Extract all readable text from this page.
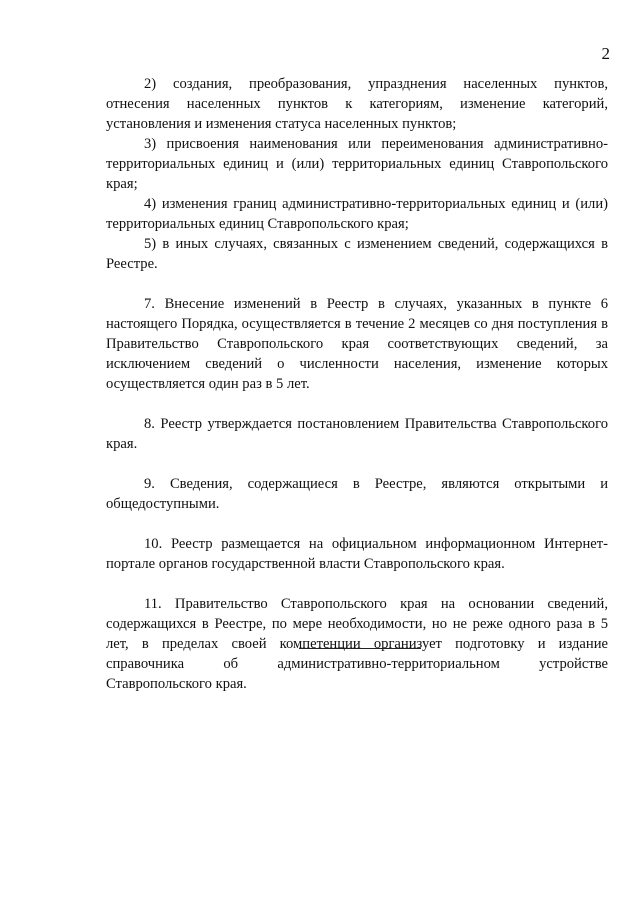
2

2) создания, преобразования, упразднения населенных пунктов, отнесения населенных пунктов к категориям, изменение категорий, установления и изменения статуса населенных пунктов;

3) присвоения наименования или переименования административно-территориальных единиц и (или) территориальных единиц Ставропольского края;

4) изменения границ административно-территориальных единиц и (или) территориальных единиц Ставропольского края;

5) в иных случаях, связанных с изменением сведений, содержащихся в Реестре.

7. Внесение изменений в Реестр в случаях, указанных в пункте 6 настоящего Порядка, осуществляется в течение 2 месяцев со дня поступления в Правительство Ставропольского края соответствующих сведений, за исключением сведений о численности населения, изменение которых осуществляется один раз в 5 лет.

8. Реестр утверждается постановлением Правительства Ставропольского края.

9. Сведения, содержащиеся в Реестре, являются открытыми и общедоступными.

10. Реестр размещается на официальном информационном Интернет-портале органов государственной власти Ставропольского края.

11. Правительство Ставропольского края на основании сведений, содержащихся в Реестре, по мере необходимости, но не реже одного раза в 5 лет, в пределах своей компетенции организует подготовку и издание справочника об административно-территориальном устройстве Ставропольского края.
